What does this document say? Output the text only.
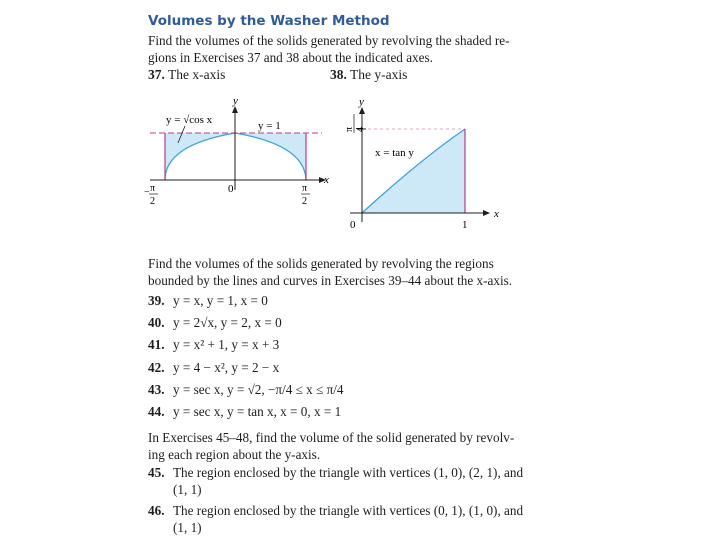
Volumes by the Washer Method
Find the volumes of the solids generated by revolving the shaded re-
gions in Exercises 37 and 38 about the indicated axes.
37. The x-axis	38. The y-axis
y = √cos x	y = 1
y
x
0
− π
2
π
2
y
x
x = tan y
0	1
π 4
Find the volumes of the solids generated by revolving the regions
bounded by the lines and curves in Exercises 39–44 about the x-axis.
39. y = x, y = 1, x = 0
40. y = 2√x, y = 2, x = 0
41. y = x² + 1, y = x + 3
42. y = 4 − x², y = 2 − x
43. y = sec x, y = √2, −π/4 ≤ x ≤ π/4
44. y = sec x, y = tan x, x = 0, x = 1
In Exercises 45–48, find the volume of the solid generated by revolv-
ing each region about the y-axis.
45. The region enclosed by the triangle with vertices (1, 0), (2, 1), and
(1, 1)
46. The region enclosed by the triangle with vertices (0, 1), (1, 0), and
(1, 1)
